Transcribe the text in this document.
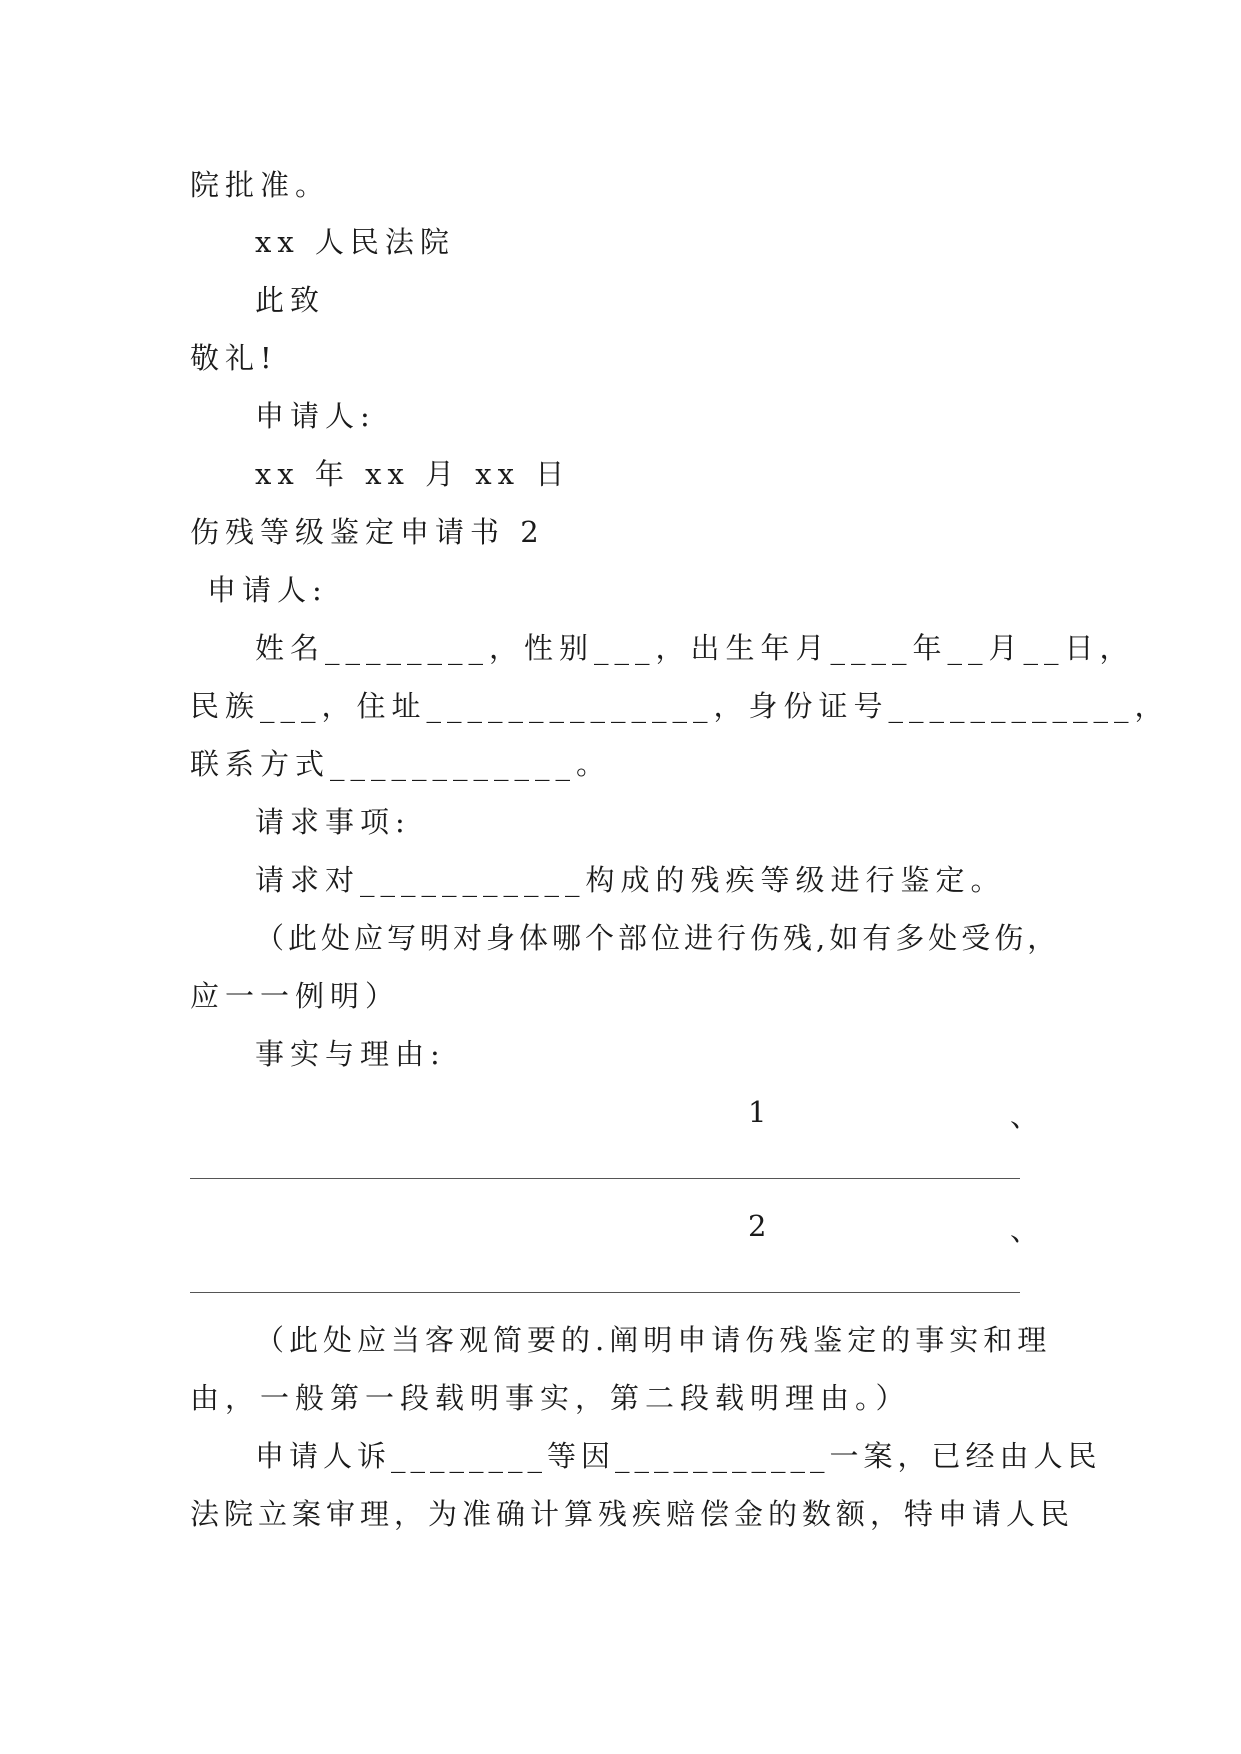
院批准。
xx 人民法院
此致
敬礼!
申请人:
xx 年 xx 月 xx 日
伤残等级鉴定申请书 2
申请人:
姓名________，性别___，出生年月____年__月__日，
民族___，住址______________，身份证号____________，
联系方式____________。
请求事项:
请求对___________构成的残疾等级进行鉴定。
（此处应写明对身体哪个部位进行伤残,如有多处受伤，
应一一例明）
事实与理由:
1	、
2	、
（此处应当客观简要的.阐明申请伤残鉴定的事实和理
由，一般第一段载明事实，第二段载明理由。）
申请人诉________等因___________一案，已经由人民
法院立案审理，为准确计算残疾赔偿金的数额，特申请人民
